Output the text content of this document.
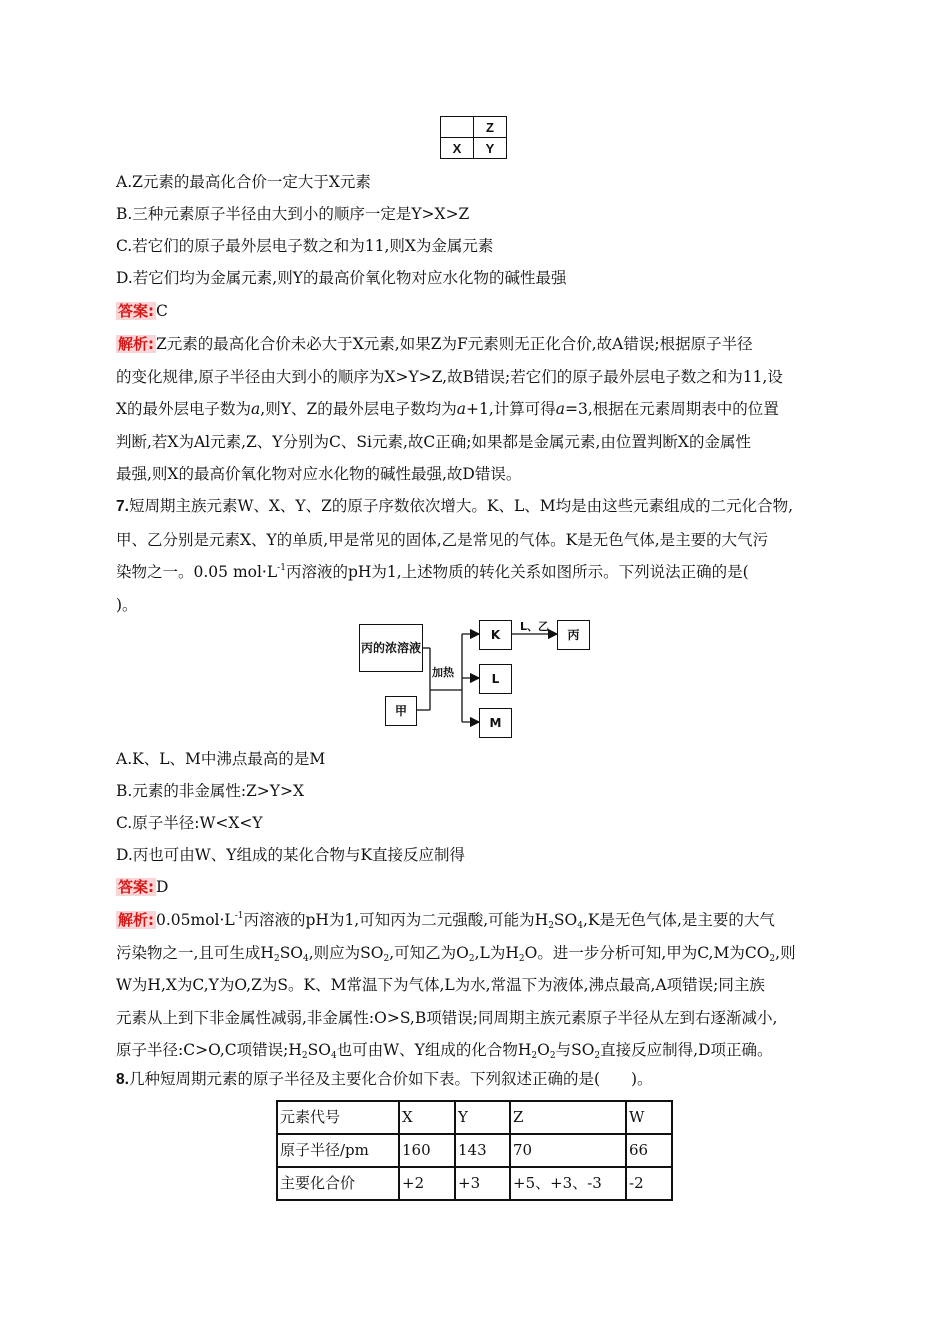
	Z
X	Y
A.Z元素的最高化合价一定大于X元素
B.三种元素原子半径由大到小的顺序一定是Y>X>Z
C.若它们的原子最外层电子数之和为11,则X为金属元素
D.若它们均为金属元素,则Y的最高价氧化物对应水化物的碱性最强
答案: C
解析: Z元素的最高化合价未必大于X元素,如果Z为F元素则无正化合价,故A错误;根据原子半径
的变化规律,原子半径由大到小的顺序为X>Y>Z,故B错误;若它们的原子最外层电子数之和为11,设
X的最外层电子数为a,则Y、Z的最外层电子数均为a+1,计算可得a=3,根据在元素周期表中的位置
判断,若X为Al元素,Z、Y分别为C、Si元素,故C正确;如果都是金属元素,由位置判断X的金属性
最强,则X的最高价氧化物对应水化物的碱性最强,故D错误。
7.短周期主族元素W、X、Y、Z的原子序数依次增大。K、L、M均是由这些元素组成的二元化合物,
甲、乙分别是元素X、Y的单质,甲是常见的固体,乙是常见的气体。K是无色气体,是主要的大气污
染物之一。0.05 $mol\cdot L^{-1}$丙溶液的pH为1,上述物质的转化关系如图所示。下列说法正确的是(
)。
丙的浓溶液
甲
加热
K
L
M
L、乙
丙
A.K、L、M中沸点最高的是M
B.元素的非金属性:Z>Y>X
C.原子半径:W<X<Y
D.丙也可由W、Y组成的某化合物与K直接反应制得
答案: D
解析: $0.05mol\cdot L^{-1}$丙溶液的pH为1,可知丙为二元强酸,可能为$H_2SO_4,K$是无色气体,是主要的大气
污染物之一,且可生成$H_2SO_4$,则应为$SO_2$,可知乙为$O_2,L$为$H_2O$。进一步分析可知,甲为C,M为$CO_2$,则
W为H,X为C,Y为O,Z为S。K、M常温下为气体,L为水,常温下为液体,沸点最高,A项错误;同主族
元素从上到下非金属性减弱,非金属性:O>S,B项错误;同周期主族元素原子半径从左到右逐渐减小,
原子半径:C>O,C项错误$;H_2SO_4$也可由W、Y组成的化合物$H_2O_2$与$SO_2$直接反应制得,D项正确。
8.几种短周期元素的原子半径及主要化合价如下表。下列叙述正确的是(　　)。
元素代号	X	Y	Z	W
原子半径/pm	160	143	70	66
主要化合价	+2	+3	+5、+3、-3	-2
